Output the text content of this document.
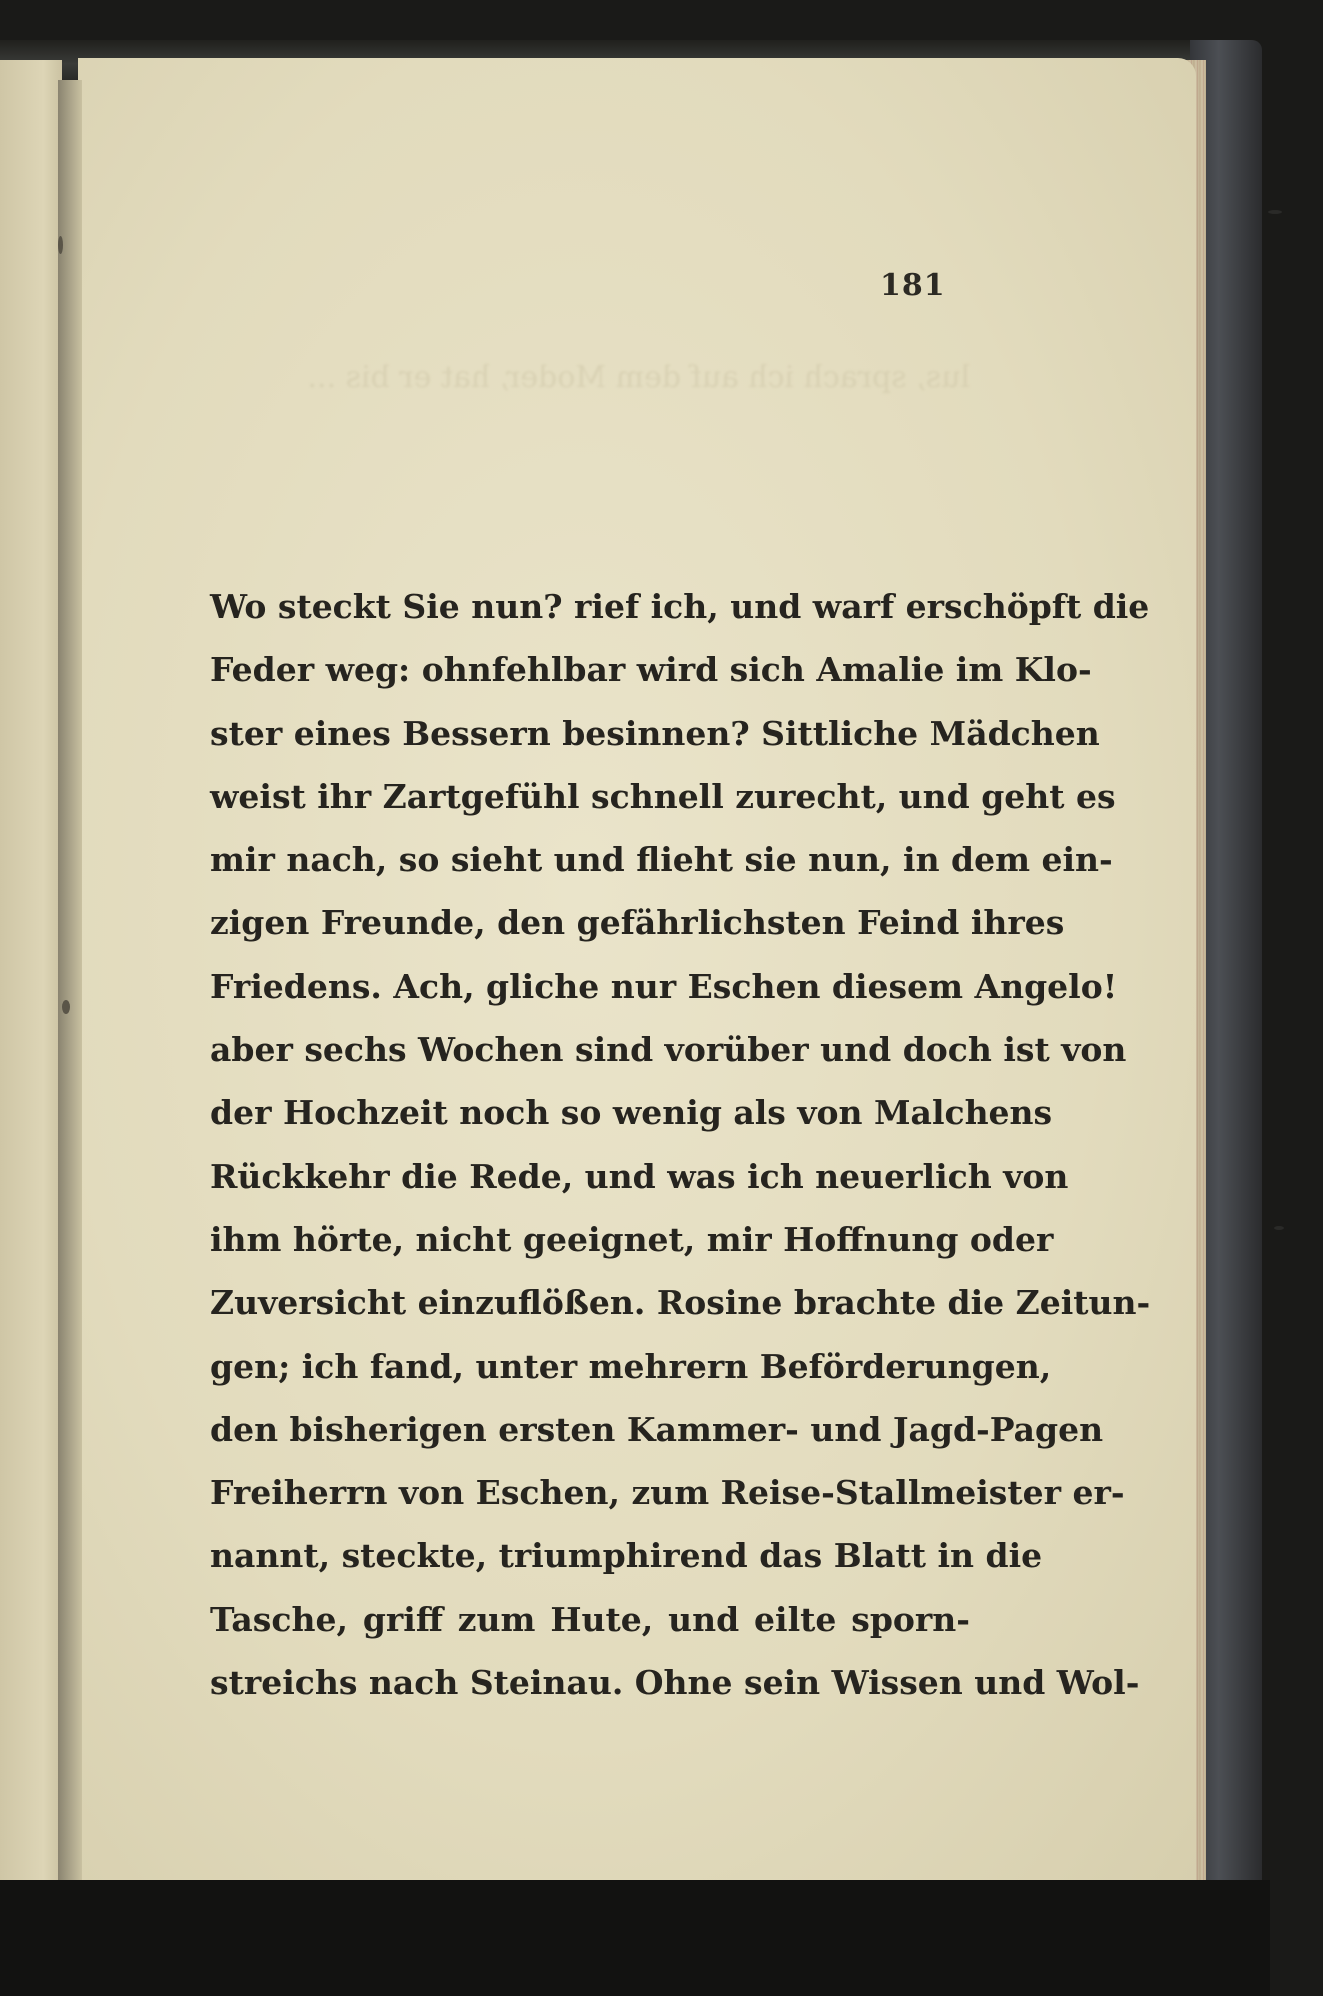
lus, sprach ich auf dem Moder, hat er bis ...
181
Wo steckt Sie nun? rief ich, und warf erschöpft die
Feder weg: ohnfehlbar wird sich Amalie im Klo-
ster eines Bessern besinnen? Sittliche Mädchen
weist ihr Zartgefühl schnell zurecht, und geht es
mir nach, so sieht und flieht sie nun, in dem ein-
zigen Freunde, den gefährlichsten Feind ihres
Friedens. Ach, gliche nur Eschen diesem Angelo!
aber sechs Wochen sind vorüber und doch ist von
der Hochzeit noch so wenig als von Malchens
Rückkehr die Rede, und was ich neuerlich von
ihm hörte, nicht geeignet, mir Hoffnung oder
Zuversicht einzuflößen. Rosine brachte die Zeitun-
gen; ich fand, unter mehrern Beförderungen,
den bisherigen ersten Kammer- und Jagd-Pagen
Freiherrn von Eschen, zum Reise-Stallmeister er-
nannt, steckte, triumphirend das Blatt in die
Tasche, griff zum Hute, und eilte sporn-
streichs nach Steinau. Ohne sein Wissen und Wol-
